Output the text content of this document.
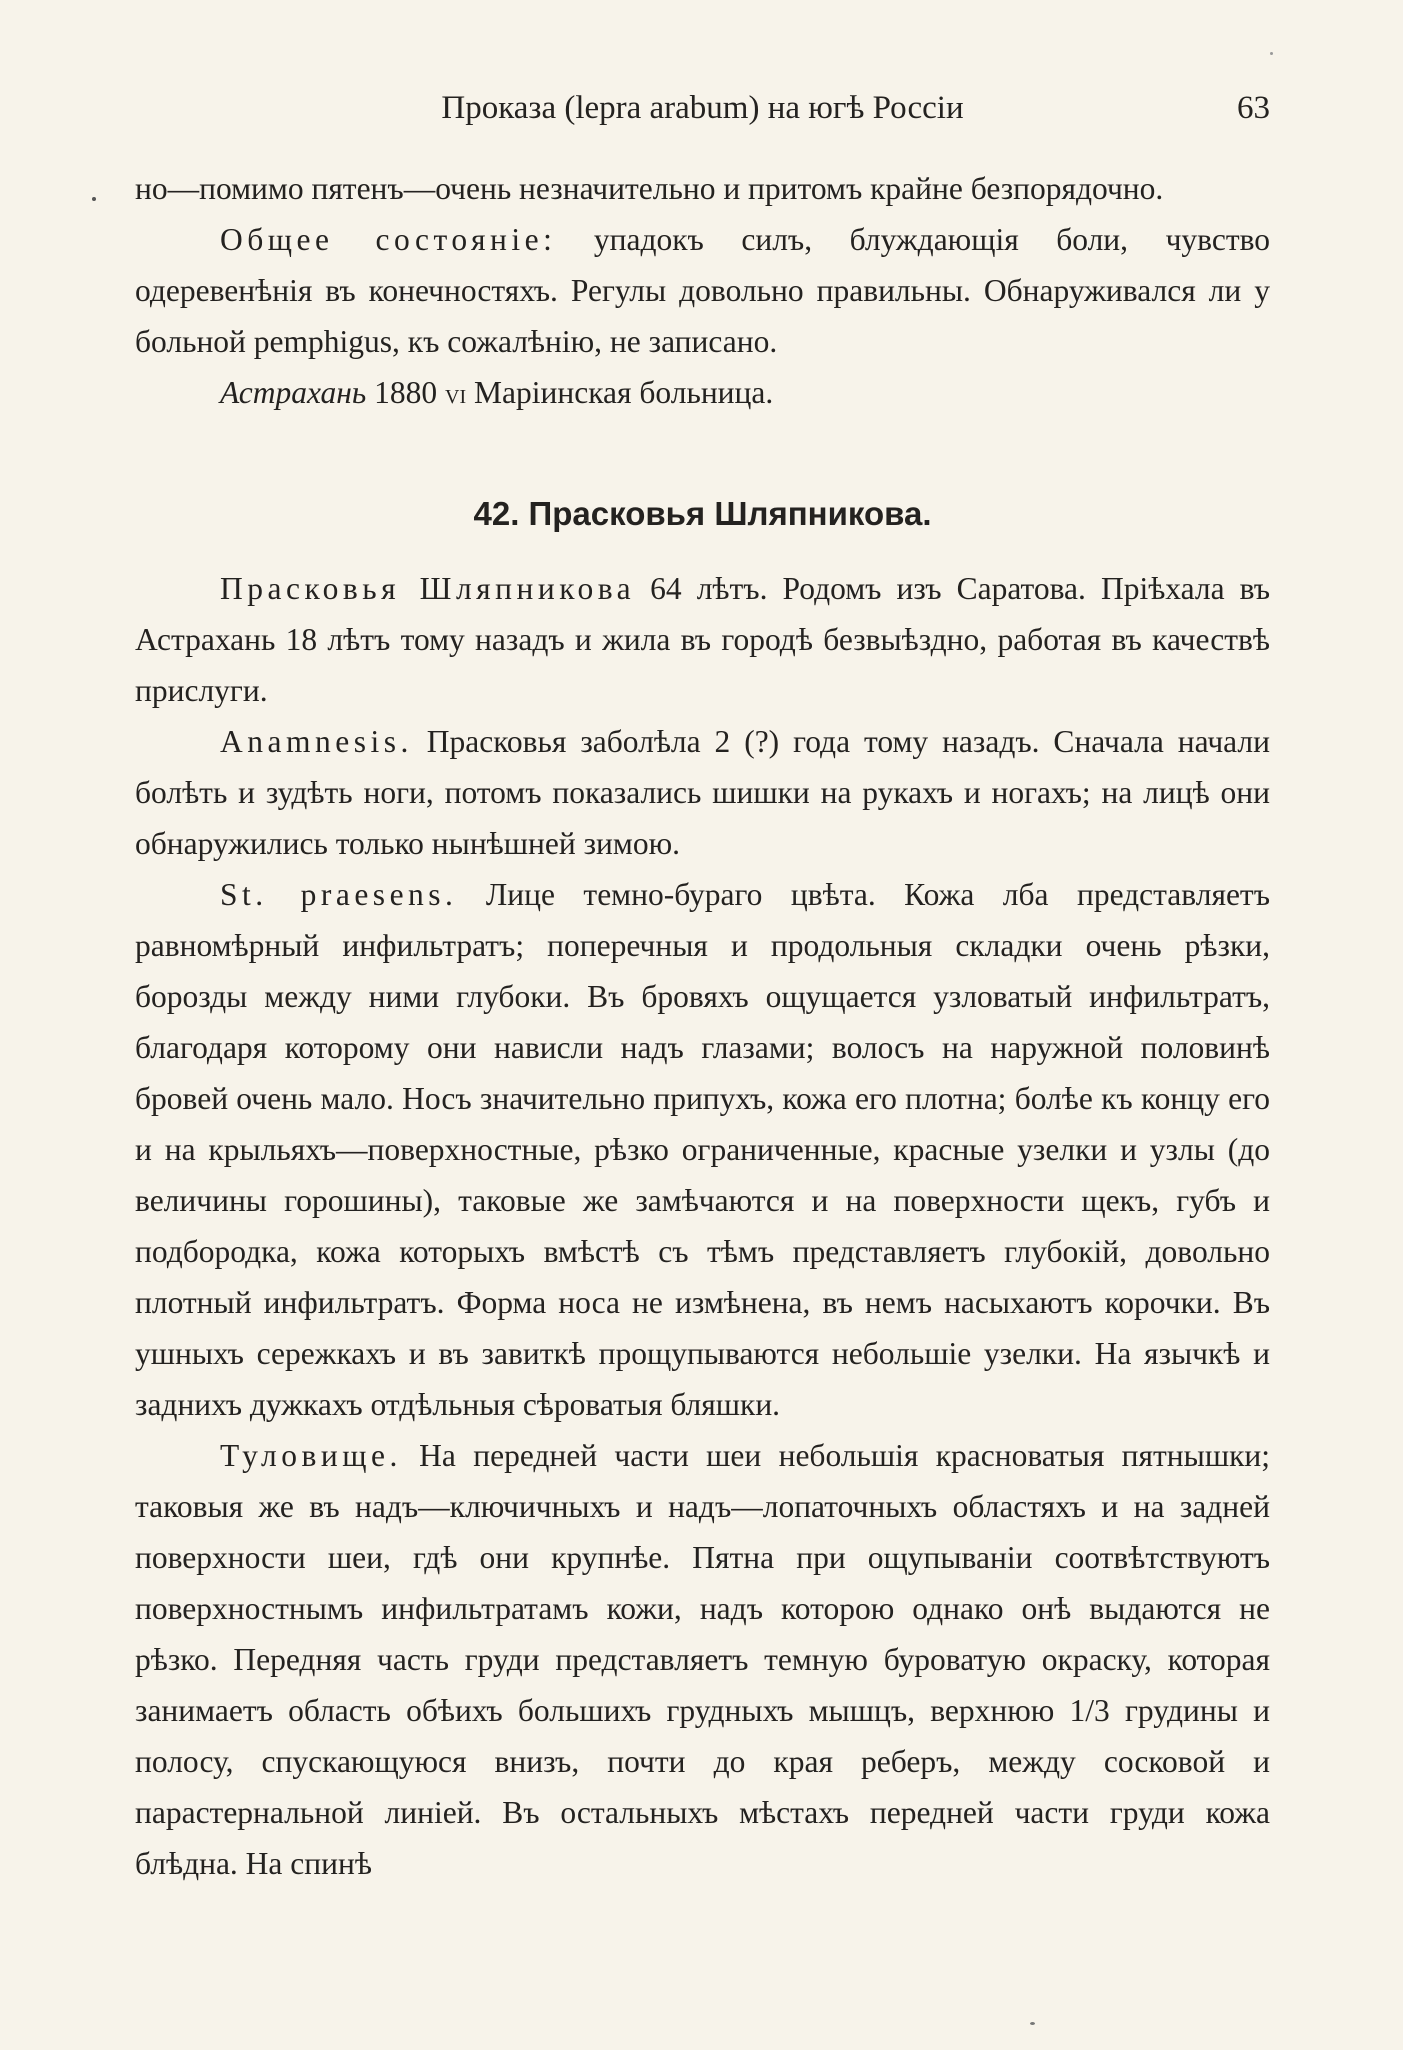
Проказа (lepra arabum) на югѣ Россіи	63

но—помимо пятенъ—очень незначительно и притомъ крайне безпорядочно.

Общее состоянiе: упадокъ силъ, блуждающія боли, чувство одеревенѣнія въ конечностяхъ. Регулы довольно правильны. Обнаруживался ли у больной pemphigus, къ сожалѣнію, не записано.

Астрахань 1880 VI Маріинская больница.

42. Прасковья Шляпникова.

Прасковья Шляпникова 64 лѣтъ. Родомъ изъ Саратова. Пріѣхала въ Астрахань 18 лѣтъ тому назадъ и жила въ городѣ безвыѣздно, работая въ качествѣ прислуги.

Anamnesis. Прасковья заболѣла 2 (?) года тому назадъ. Сначала начали болѣть и зудѣть ноги, потомъ показались шишки на рукахъ и ногахъ; на лицѣ они обнаружились только нынѣшней зимою.

St. praesens. Лице темно-бураго цвѣта. Кожа лба представляетъ равномѣрный инфильтратъ; поперечныя и продольныя складки очень рѣзки, борозды между ними глубоки. Въ бровяхъ ощущается узловатый инфильтратъ, благодаря которому они нависли надъ глазами; волосъ на наружной половинѣ бровей очень мало. Носъ значительно припухъ, кожа его плотна; болѣе къ концу его и на крыльяхъ—поверхностные, рѣзко ограниченные, красные узелки и узлы (до величины горошины), таковые же замѣчаются и на поверхности щекъ, губъ и подбородка, кожа которыхъ вмѣстѣ съ тѣмъ представляетъ глубокій, довольно плотный инфильтратъ. Форма носа не измѣнена, въ немъ насыхаютъ корочки. Въ ушныхъ сережкахъ и въ завиткѣ прощупываются небольшіе узелки. На язычкѣ и заднихъ дужкахъ отдѣльныя сѣроватыя бляшки.

Туловище. На передней части шеи небольшія красноватыя пятнышки; таковыя же въ надъ—ключичныхъ и надъ—лопаточныхъ областяхъ и на задней поверхности шеи, гдѣ они крупнѣе. Пятна при ощупываніи соотвѣтствуютъ поверхностнымъ инфильтратамъ кожи, надъ которою однако онѣ выдаются не рѣзко. Передняя часть груди представляетъ темную буроватую окраску, которая занимаетъ область обѣихъ большихъ грудныхъ мышцъ, верхнюю 1/3 грудины и полосу, спускающуюся внизъ, почти до края реберъ, между сосковой и парастернальной линіей. Въ остальныхъ мѣстахъ передней части груди кожа блѣдна. На спинѣ
